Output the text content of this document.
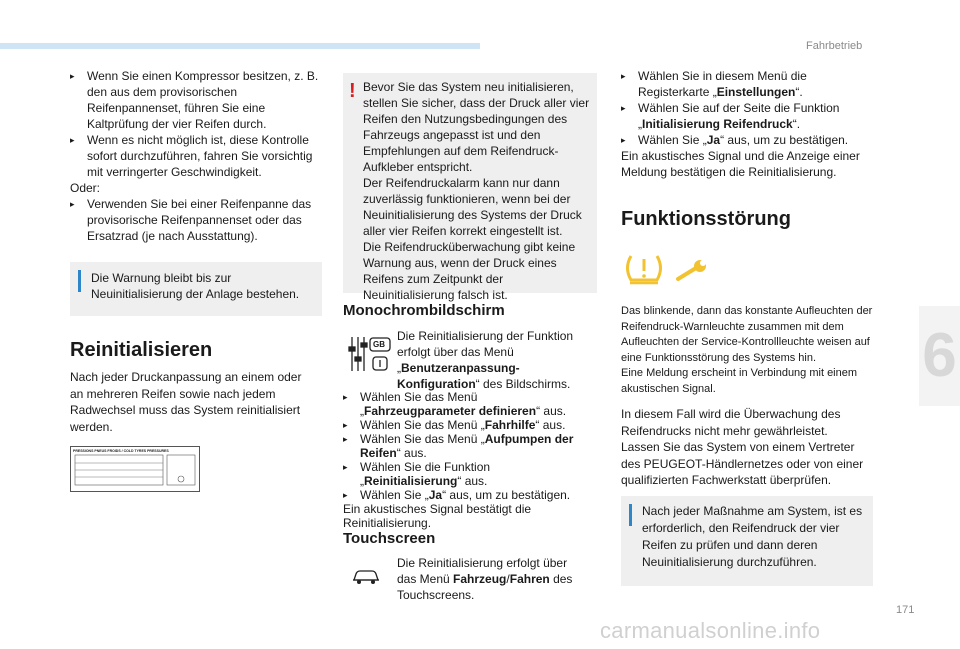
Fahrbetrieb
6
171
carmanualsonline.info

▸ Wenn Sie einen Kompressor besitzen, z. B. den aus dem provisorischen Reifenpannenset, führen Sie eine Kaltprüfung der vier Reifen durch.

▸ Wenn es nicht möglich ist, diese Kontrolle sofort durchzuführen, fahren Sie vorsichtig mit verringerter Geschwindigkeit.

Oder:

▸ Verwenden Sie bei einer Reifenpanne das provisorische Reifenpannenset oder das Ersatzrad (je nach Ausstattung).

Die Warnung bleibt bis zur Neuinitialisierung der Anlage bestehen.
Reinitialisieren

Nach jeder Druckanpassung an einem oder an mehreren Reifen sowie nach jedem Radwechsel muss das System reinitialisiert werden.

PRESSIONS PNEUS FROIDS / COLD TYRES PRESSURES
! Bevor Sie das System neu initialisieren, stellen Sie sicher, dass der Druck aller vier Reifen den Nutzungsbedingungen des Fahrzeugs angepasst ist und den Empfehlungen auf dem Reifendruck-Aufkleber entspricht.
Der Reifendruckalarm kann nur dann zuverlässig funktionieren, wenn bei der Neuinitialisierung des Systems der Druck aller vier Reifen korrekt eingestellt ist.
Die Reifendrucküberwachung gibt keine Warnung aus, wenn der Druck eines Reifens zum Zeitpunkt der Neuinitialisierung falsch ist.
Monochrombildschirm
GB

Die Reinitialisierung der Funktion erfolgt über das Menü „Benutzeranpassung-Konfiguration“ des Bildschirms.

▸ Wählen Sie das Menü „Fahrzeugparameter definieren“ aus.

▸ Wählen Sie das Menü „Fahrhilfe“ aus.

▸ Wählen Sie das Menü „Aufpumpen der Reifen“ aus.

▸ Wählen Sie die Funktion „Reinitialisierung“ aus.

▸ Wählen Sie „Ja“ aus, um zu bestätigen.

Ein akustisches Signal bestätigt die Reinitialisierung.

Touchscreen

Die Reinitialisierung erfolgt über das Menü Fahrzeug/Fahren des Touchscreens.

▸ Wählen Sie in diesem Menü die Registerkarte „Einstellungen“.

▸ Wählen Sie auf der Seite die Funktion „Initialisierung Reifendruck“.

▸ Wählen Sie „Ja“ aus, um zu bestätigen.

Ein akustisches Signal und die Anzeige einer Meldung bestätigen die Reinitialisierung.

Funktionsstörung

Das blinkende, dann das konstante Aufleuchten der Reifendruck-Warnleuchte zusammen mit dem Aufleuchten der Service-Kontrollleuchte weisen auf eine Funktionsstörung des Systems hin.
Eine Meldung erscheint in Verbindung mit einem akustischen Signal.

In diesem Fall wird die Überwachung des Reifendrucks nicht mehr gewährleistet.
Lassen Sie das System von einem Vertreter des PEUGEOT-Händlernetzes oder von einer qualifizierten Fachwerkstatt überprüfen.

Nach jeder Maßnahme am System, ist es erforderlich, den Reifendruck der vier Reifen zu prüfen und dann deren Neuinitialisierung durchzuführen.
